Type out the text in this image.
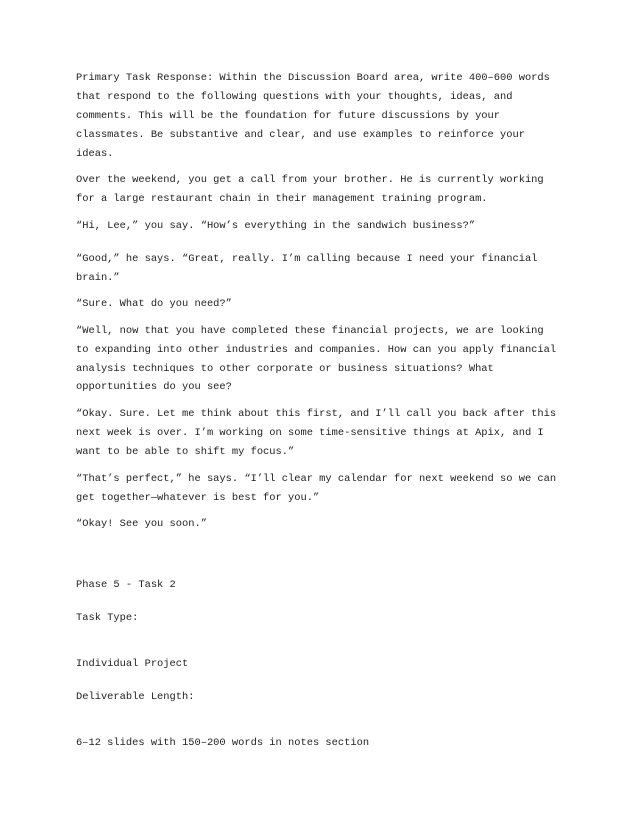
Primary Task Response: Within the Discussion Board area, write 400–600 words
that respond to the following questions with your thoughts, ideas, and
comments. This will be the foundation for future discussions by your
classmates. Be substantive and clear, and use examples to reinforce your
ideas.
Over the weekend, you get a call from your brother. He is currently working
for a large restaurant chain in their management training program.
“Hi, Lee,” you say. “How’s everything in the sandwich business?”
“Good,” he says. “Great, really. I’m calling because I need your financial
brain.”
“Sure. What do you need?”
“Well, now that you have completed these financial projects, we are looking
to expanding into other industries and companies. How can you apply financial
analysis techniques to other corporate or business situations? What
opportunities do you see?
“Okay. Sure. Let me think about this first, and I’ll call you back after this
next week is over. I’m working on some time-sensitive things at Apix, and I
want to be able to shift my focus.”
“That’s perfect,” he says. “I’ll clear my calendar for next weekend so we can
get together—whatever is best for you.”
“Okay! See you soon.”
Phase 5 - Task 2
Task Type:
Individual Project
Deliverable Length:
6–12 slides with 150–200 words in notes section
